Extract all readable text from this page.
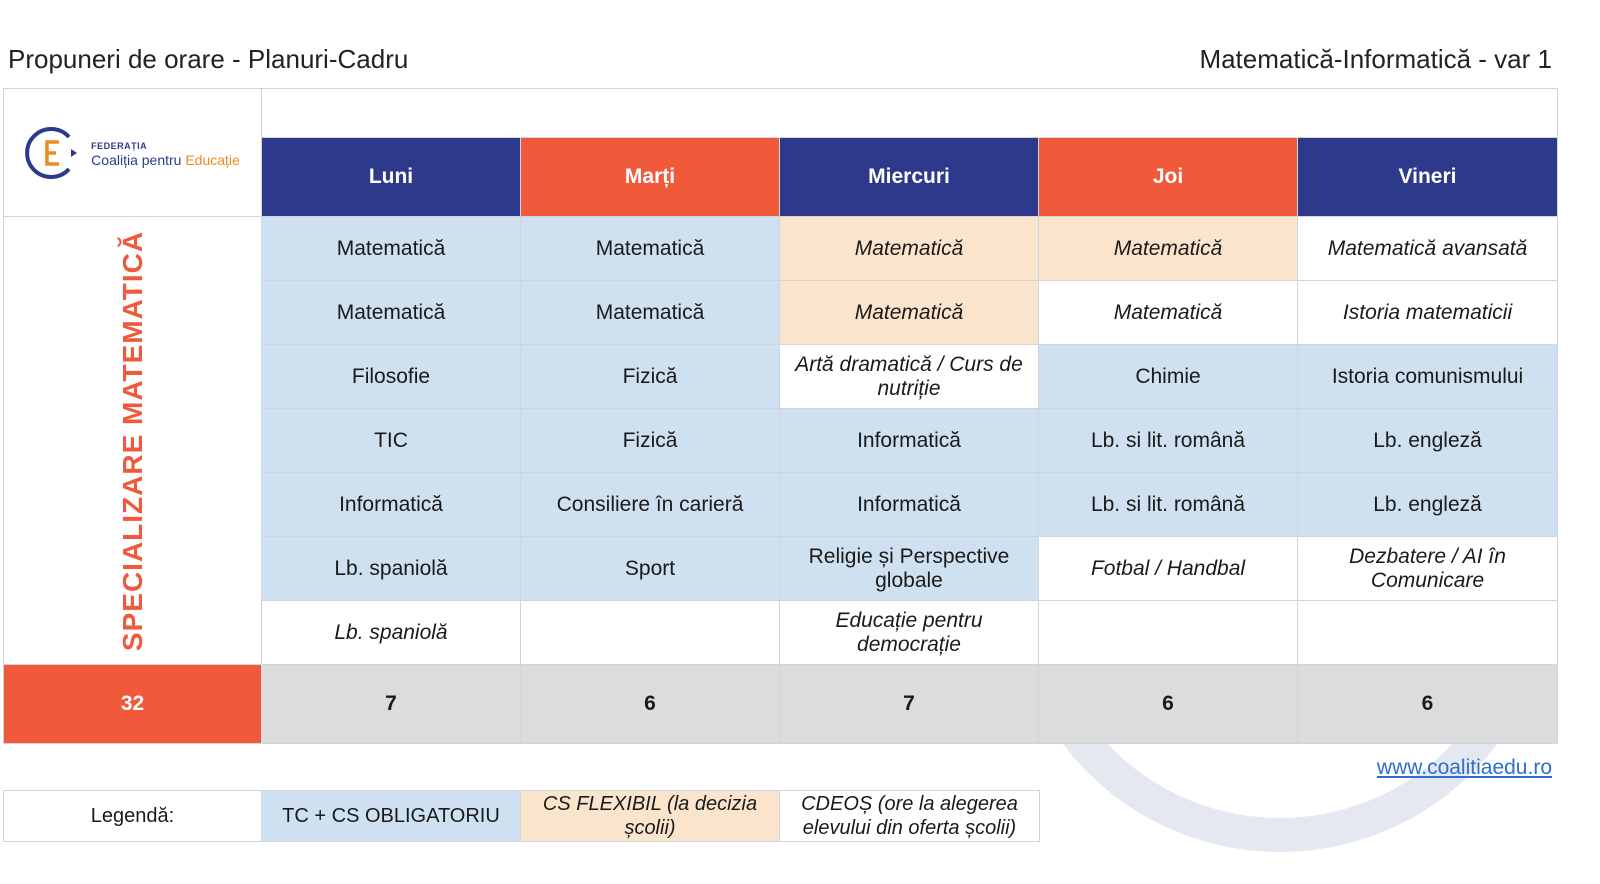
Propuneri de orare - Planuri-Cadru	Matematică-Informatică - var 1
FEDERAȚIA
Coaliția pentru Educație					

	Luni	Marți	Miercuri	Joi	Vineri

SPECIALIZARE MATEMATICĂ	Matematică	Matematică	Matematică	Matematică	Matematică avansată
	Matematică	Matematică	Matematică	Matematică	Istoria matematicii
	Filosofie	Fizică	Artă dramatică / Curs de nutriție	Chimie	Istoria comunismului
	TIC	Fizică	Informatică	Lb. si lit. română	Lb. engleză
	Informatică	Consiliere în carieră	Informatică	Lb. si lit. română	Lb. engleză
	Lb. spaniolă	Sport	Religie și Perspective globale	Fotbal / Handbal	Dezbatere / AI în Comunicare
	Lb. spaniolă		Educație pentru democrație		
32	7	6	7	6	6
www.coalitiaedu.ro
Legendă:	TC + CS OBLIGATORIU	CS FLEXIBIL (la decizia școlii)	CDEOȘ (ore la alegerea elevului din oferta școlii)
